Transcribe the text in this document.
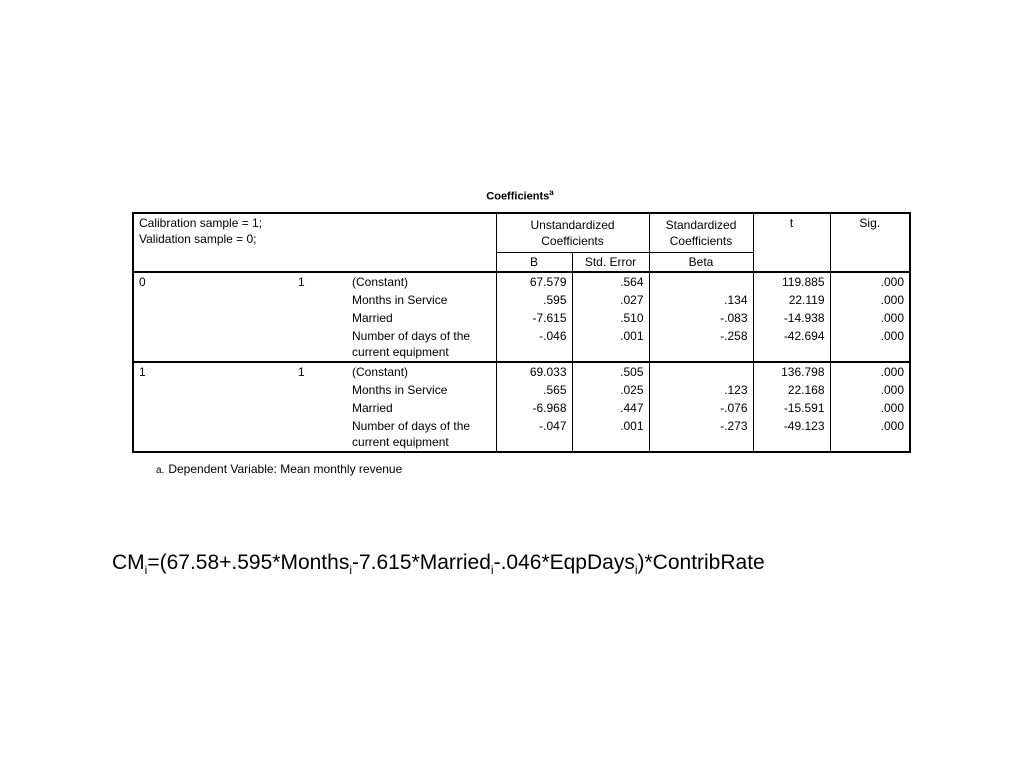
Coefficients$^a$
Calibration sample = 1;
Validation sample = 0;			Unstandardized Coefficients		Standardized Coefficients	t	Sig.
			B	Std. Error	Beta		
0	1	(Constant)	67.579	.564		119.885	.000
		Months in Service	.595	.027	.134	22.119	.000
		Married	-7.615	.510	-.083	-14.938	.000
		Number of days of the current equipment	-.046	.001	-.258	-42.694	.000
1	1	(Constant)	69.033	.505		136.798	.000
		Months in Service	.565	.025	.123	22.168	.000
		Married	-6.968	.447	-.076	-15.591	.000
		Number of days of the current equipment	-.047	.001	-.273	-49.123	.000
a. Dependent Variable: Mean monthly revenue
$CM_i=(67.58+.595*Months_i-7.615*Married_i-.046*EqpDays_i)*ContribRate$
